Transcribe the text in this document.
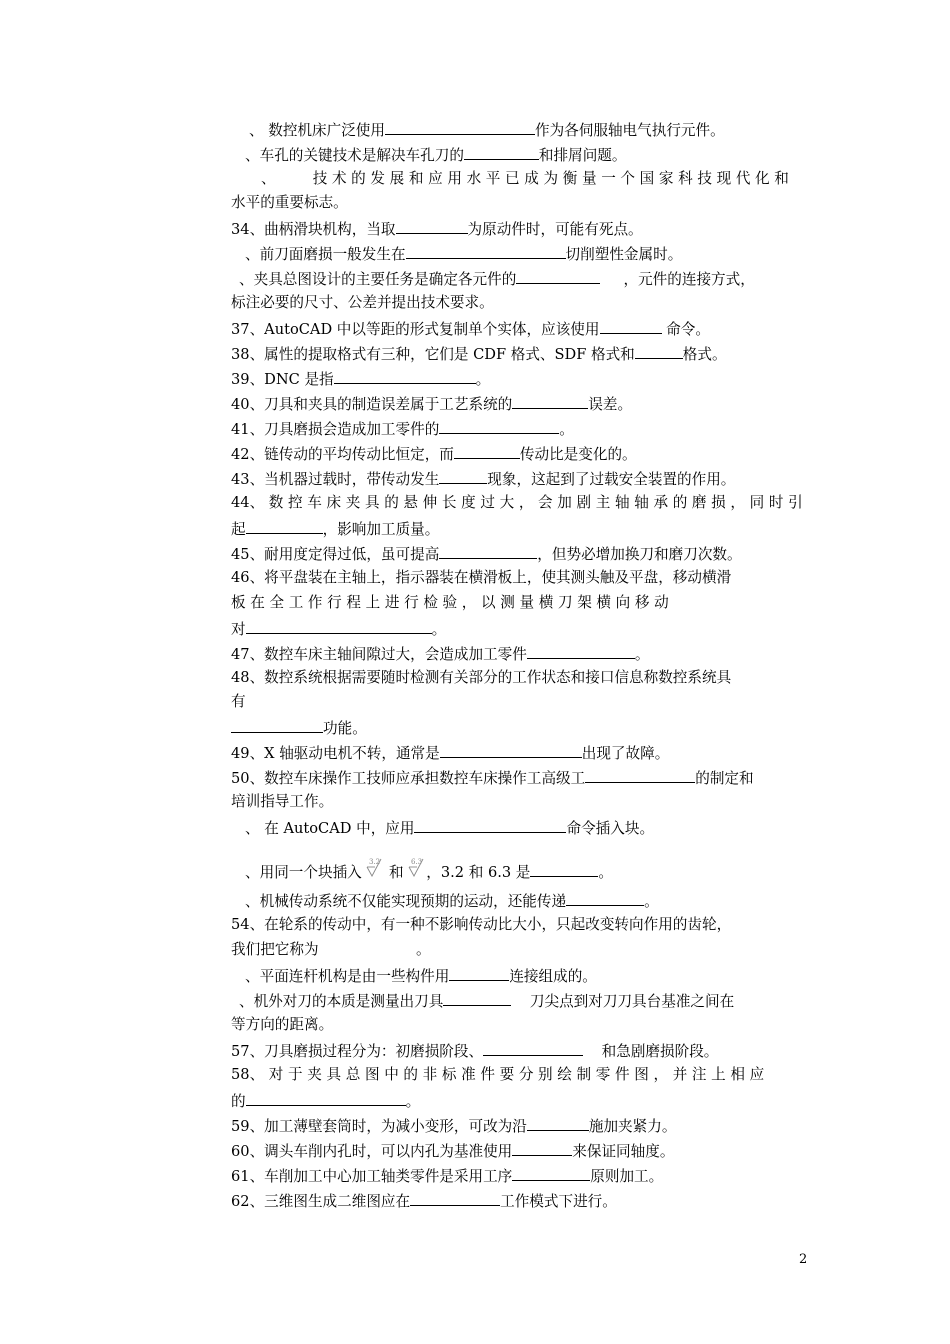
、 数控机床广泛使用	作为各伺服轴电气执行元件。
、车孔的关键技术是解决车孔刀的	和排屑问题。
、        技 术 的 发 展 和 应 用 水 平 已 成 为 衡 量 一 个 国 家 科 技 现 代 化 和
水平的重要标志。
34、曲柄滑块机构，当取	为原动件时，可能有死点。
、前刀面磨损一般发生在	切削塑性金属时。
、夹具总图设计的主要任务是确定各元件的	，元件的连接方式，
标注必要的尺寸、公差并提出技术要求。
37、AutoCAD 中以等距的形式复制单个实体，应该使用	命令。
38、属性的提取格式有三种，它们是 CDF 格式、SDF 格式和	格式。
39、DNC 是指	。
40、刀具和夹具的制造误差属于工艺系统的	误差。
41、刀具磨损会造成加工零件的	。
42、链传动的平均传动比恒定，而	传动比是变化的。
43、当机器过载时，带传动发生	现象，这起到了过载安全装置的作用。
44、 数 控 车 床 夹 具 的 悬 伸 长 度 过 大 ， 会 加 剧 主 轴 轴 承 的 磨 损 ， 同 时 引
起	，影响加工质量。
45、耐用度定得过低，虽可提高	，但势必增加换刀和磨刀次数。
46、将平盘装在主轴上，指示器装在横滑板上，使其测头触及平盘，移动横滑
板 在 全 工 作 行 程 上 进 行 检 验 ， 以 测 量 横 刀 架 横 向 移 动
对	。
47、数控车床主轴间隙过大，会造成加工零件	。
48、数控系统根据需要随时检测有关部分的工作状态和接口信息称数控系统具
有
功能。
49、X 轴驱动电机不转，通常是	出现了故障。
50、数控车床操作工技师应承担数控车床操作工高级工	的制定和
培训指导工作。
、 在 AutoCAD 中，应用	命令插入块。
、用同一个块插入
3.2
和
6.3
，3.2 和 6.3 是	。
、机械传动系统不仅能实现预期的运动，还能传递	。
54、在轮系的传动中，有一种不影响传动比大小，只起改变转向作用的齿轮，
我们把它称为                     。
、平面连杆机构是由一些构件用	连接组成的。
、机外对刀的本质是测量出刀具	刀尖点到对刀刀具台基准之间在
等方向的距离。
57、刀具磨损过程分为：初磨损阶段、	和急剧磨损阶段。
58、 对 于 夹 具 总 图 中 的 非 标 准 件 要 分 别 绘 制 零 件 图 ， 并 注 上 相 应
的	。
59、加工薄壁套筒时，为减小变形，可改为沿	施加夹紧力。
60、调头车削内孔时，可以内孔为基准使用	来保证同轴度。
61、车削加工中心加工轴类零件是采用工序	原则加工。
62、三维图生成二维图应在	工作模式下进行。
2
